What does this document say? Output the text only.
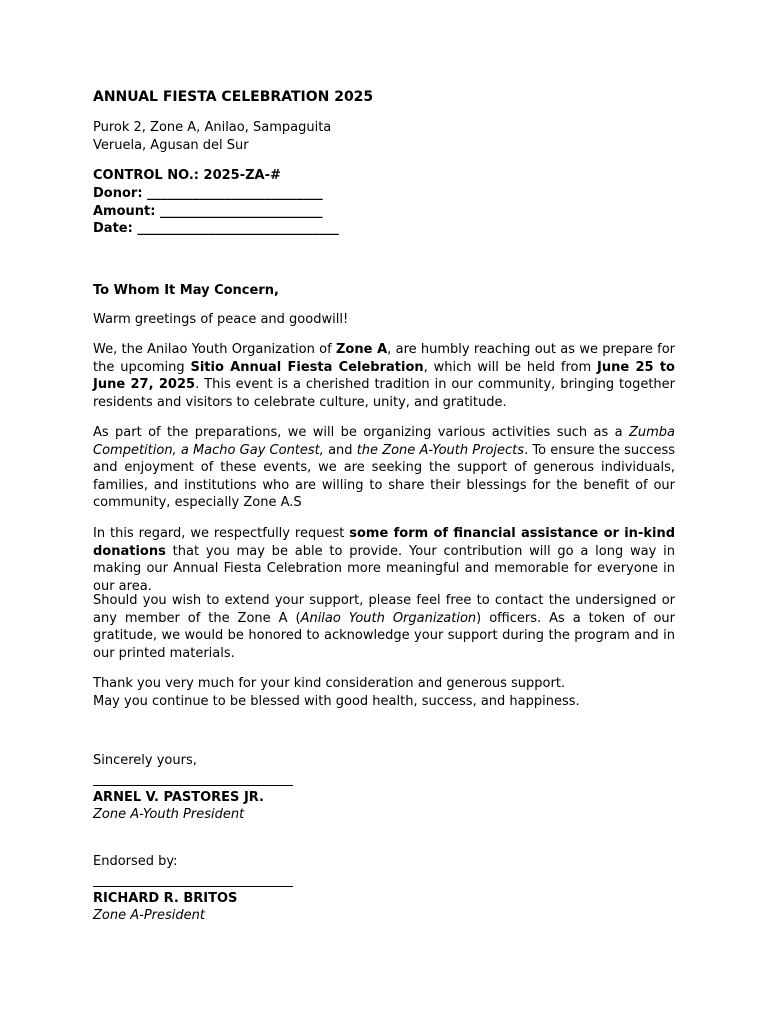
ANNUAL FIESTA CELEBRATION 2025
Purok 2, Zone A, Anilao, Sampaguita
Veruela, Agusan del Sur
CONTROL NO.: 2025-ZA-#
Donor: ___________________________
Amount: _________________________
Date: _______________________________
To Whom It May Concern,
Warm greetings of peace and goodwill!

We, the Anilao Youth Organization of Zone A, are humbly reaching out as we prepare for the upcoming Sitio Annual Fiesta Celebration, which will be held from June 25 to June 27, 2025. This event is a cherished tradition in our community, bringing together residents and visitors to celebrate culture, unity, and gratitude.

As part of the preparations, we will be organizing various activities such as a Zumba Competition, a Macho Gay Contest, and the Zone A-Youth Projects. To ensure the success and enjoyment of these events, we are seeking the support of generous individuals, families, and institutions who are willing to share their blessings for the benefit of our community, especially Zone A.S

In this regard, we respectfully request some form of financial assistance or in-kind donations that you may be able to provide. Your contribution will go a long way in making our Annual Fiesta Celebration more meaningful and memorable for everyone in our area.

Should you wish to extend your support, please feel free to contact the undersigned or any member of the Zone A (Anilao Youth Organization) officers. As a token of our gratitude, we would be honored to acknowledge your support during the program and in our printed materials.

Thank you very much for your kind consideration and generous support.
May you continue to be blessed with good health, success, and happiness.
Sincerely yours,
ARNEL V. PASTORES JR.
Zone A-Youth President
Endorsed by:
RICHARD R. BRITOS
Zone A-President
